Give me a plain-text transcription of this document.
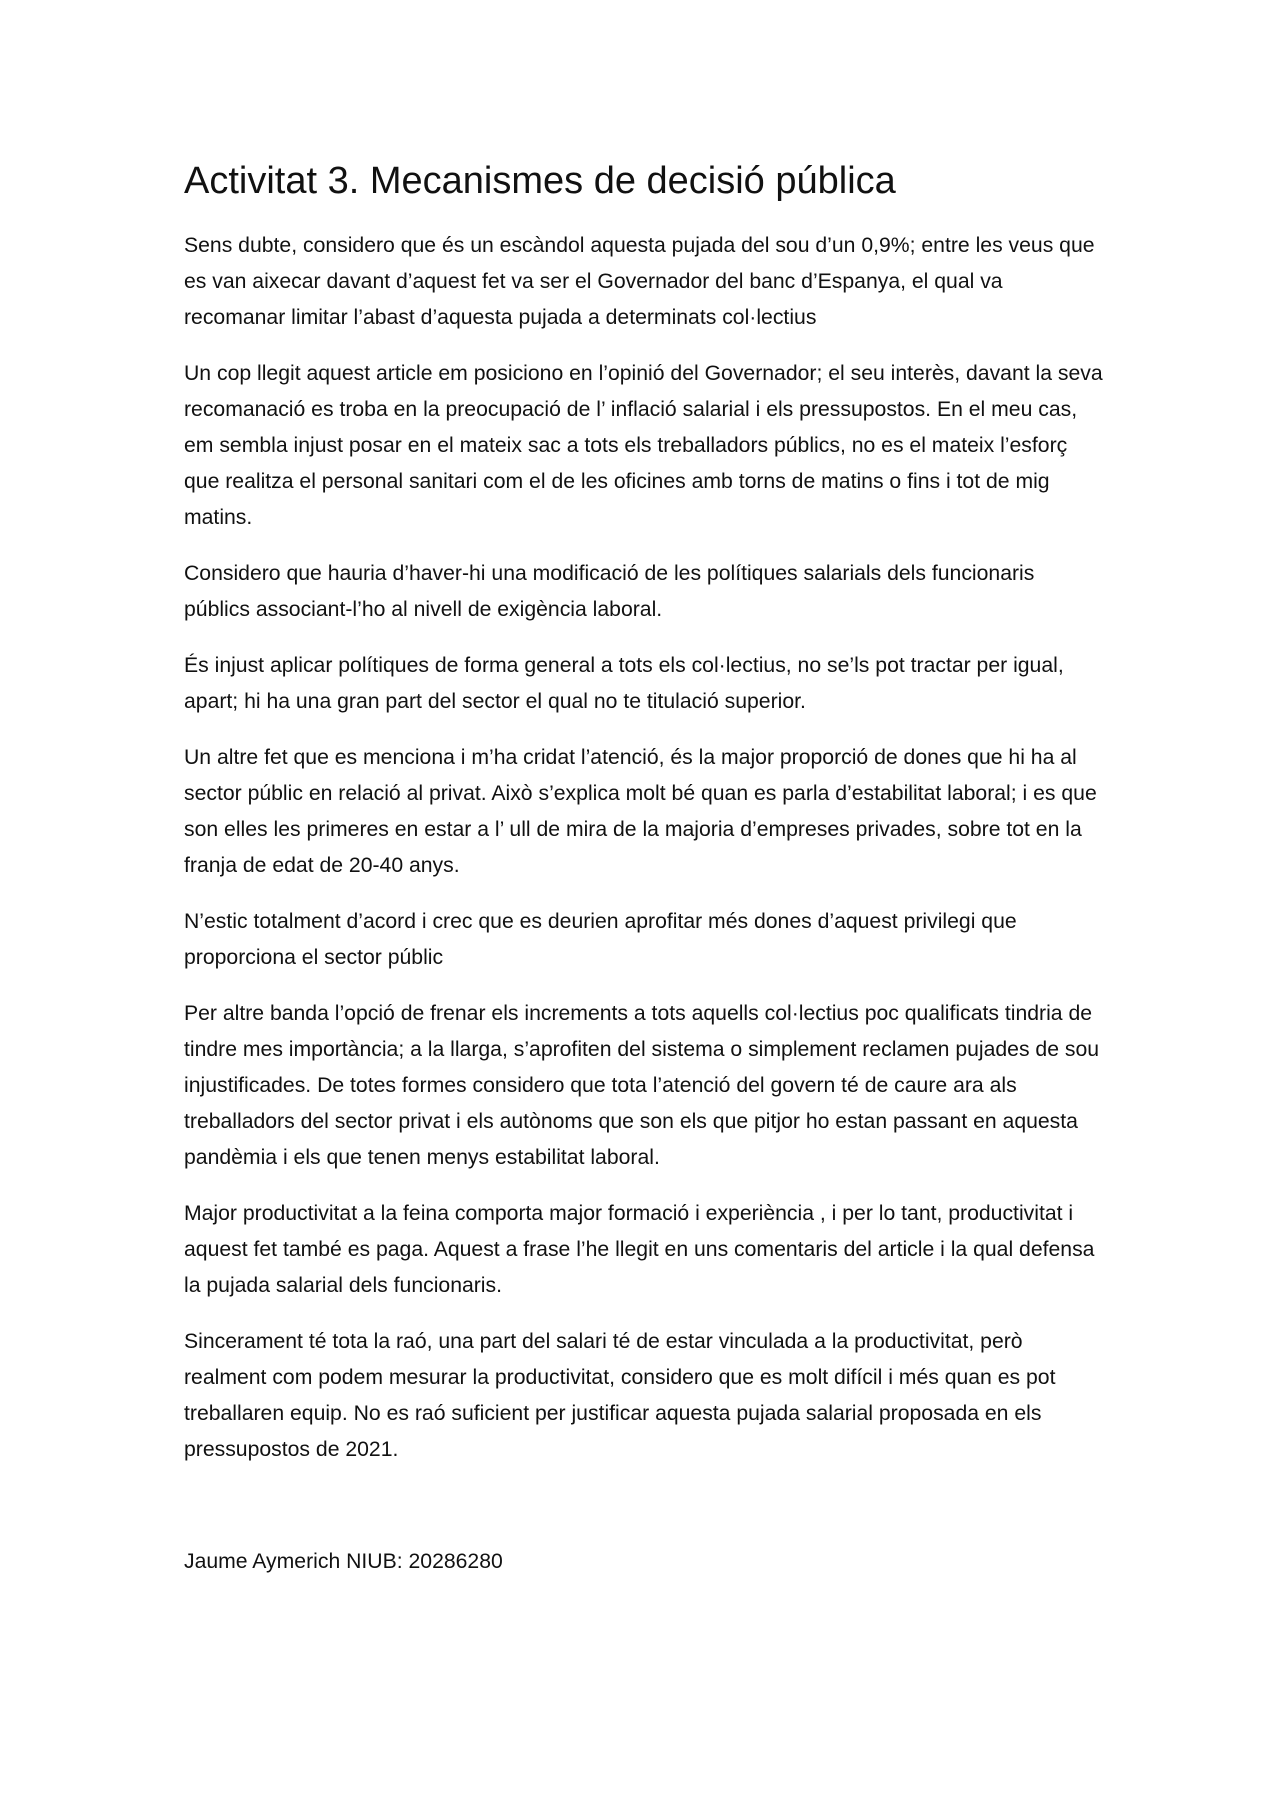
Activitat 3. Mecanismes de decisió pública

Sens dubte, considero que és un escàndol aquesta pujada del sou d’un 0,9%; entre les veus que es van aixecar davant d’aquest fet va ser el Governador del banc d’Espanya, el qual va recomanar limitar l’abast d’aquesta pujada a determinats col·lectius

Un cop llegit aquest article em posiciono en l’opinió del Governador; el seu interès, davant la seva recomanació es troba en la preocupació de l’ inflació salarial i els pressupostos. En el meu cas, em sembla injust posar en el mateix sac a tots els treballadors públics, no es el mateix l’esforç que realitza el personal sanitari com el de les oficines amb torns de matins o fins i tot de mig matins.

Considero que hauria d’haver-hi una modificació de les polítiques salarials dels funcionaris públics associant-l’ho al nivell de exigència laboral.

És injust aplicar polítiques de forma general a tots els col·lectius, no se’ls pot tractar per igual, apart; hi ha una gran part del sector el qual no te titulació superior.

Un altre fet que es menciona i m’ha cridat l’atenció, és la major proporció de dones que hi ha al sector públic en relació al privat. Això s’explica molt bé quan es parla d’estabilitat laboral; i es que son elles les primeres en estar a l’ ull de mira de la majoria d’empreses privades, sobre tot en la franja de edat de 20-40 anys.

N’estic totalment d’acord i crec que es deurien aprofitar més dones d’aquest privilegi que proporciona el sector públic

Per altre banda l’opció de frenar els increments a tots aquells col·lectius poc qualificats tindria de tindre mes importància; a la llarga, s’aprofiten del sistema o simplement reclamen pujades de sou injustificades. De totes formes considero que tota l’atenció del govern té de caure ara als treballadors del sector privat i els autònoms que son els que pitjor ho estan passant en aquesta pandèmia i els que tenen menys estabilitat laboral.

Major productivitat a la feina comporta major formació i experiència , i per lo tant, productivitat i aquest fet també es paga. Aquest a frase l’he llegit en uns comentaris del article i la qual defensa la pujada salarial dels funcionaris.

Sincerament té tota la raó, una part del salari té de estar vinculada a la productivitat, però realment com podem mesurar la productivitat, considero que es molt difícil i més quan es pot treballaren equip. No es raó suficient per justificar aquesta pujada salarial proposada en els pressupostos de 2021.

Jaume Aymerich NIUB: 20286280
